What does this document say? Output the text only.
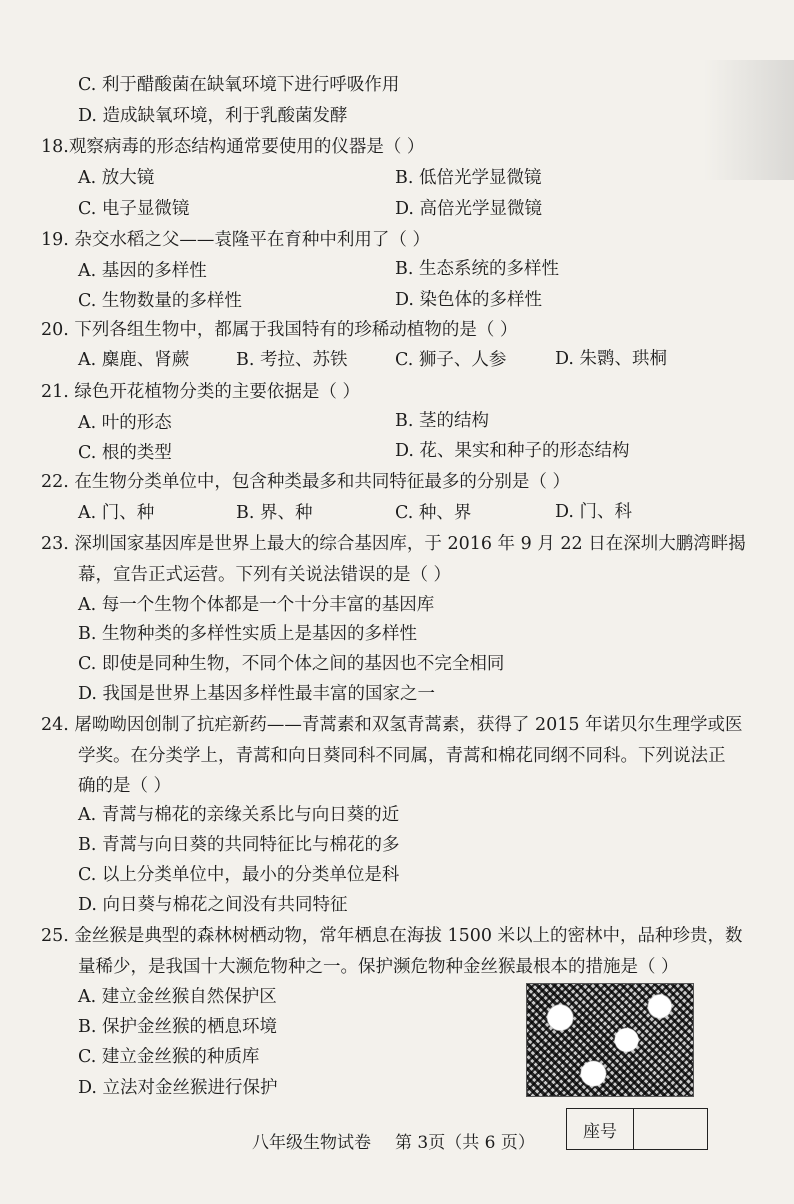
C. 利于醋酸菌在缺氧环境下进行呼吸作用
D. 造成缺氧环境，利于乳酸菌发酵
18.观察病毒的形态结构通常要使用的仪器是（ ）
A. 放大镜	B. 低倍光学显微镜
C. 电子显微镜	D. 高倍光学显微镜
19. 杂交水稻之父——袁隆平在育种中利用了（ ）
A. 基因的多样性	B. 生态系统的多样性
C. 生物数量的多样性	D. 染色体的多样性
20. 下列各组生物中，都属于我国特有的珍稀动植物的是（ ）
A. 麋鹿、肾蕨	B. 考拉、苏铁	C. 狮子、人参	D. 朱鹮、珙桐
21. 绿色开花植物分类的主要依据是（ ）
A. 叶的形态	B. 茎的结构
C. 根的类型	D. 花、果实和种子的形态结构
22. 在生物分类单位中，包含种类最多和共同特征最多的分别是（ ）
A. 门、种	B. 界、种	C. 种、界	D. 门、科
23. 深圳国家基因库是世界上最大的综合基因库，于 2016 年 9 月 22 日在深圳大鹏湾畔揭
幕，宣告正式运营。下列有关说法错误的是（ ）
A. 每一个生物个体都是一个十分丰富的基因库
B. 生物种类的多样性实质上是基因的多样性
C. 即使是同种生物，不同个体之间的基因也不完全相同
D. 我国是世界上基因多样性最丰富的国家之一
24. 屠呦呦因创制了抗疟新药——青蒿素和双氢青蒿素，获得了 2015 年诺贝尔生理学或医
学奖。在分类学上，青蒿和向日葵同科不同属，青蒿和棉花同纲不同科。下列说法正
确的是（ ）
A. 青蒿与棉花的亲缘关系比与向日葵的近
B. 青蒿与向日葵的共同特征比与棉花的多
C. 以上分类单位中，最小的分类单位是科
D. 向日葵与棉花之间没有共同特征
25. 金丝猴是典型的森林树栖动物，常年栖息在海拔 1500 米以上的密林中，品种珍贵，数
量稀少，是我国十大濒危物种之一。保护濒危物种金丝猴最根本的措施是（ ）
A. 建立金丝猴自然保护区
B. 保护金丝猴的栖息环境
C. 建立金丝猴的种质库
D. 立法对金丝猴进行保护
八年级生物试卷 第 3页（共 6 页）
座号
